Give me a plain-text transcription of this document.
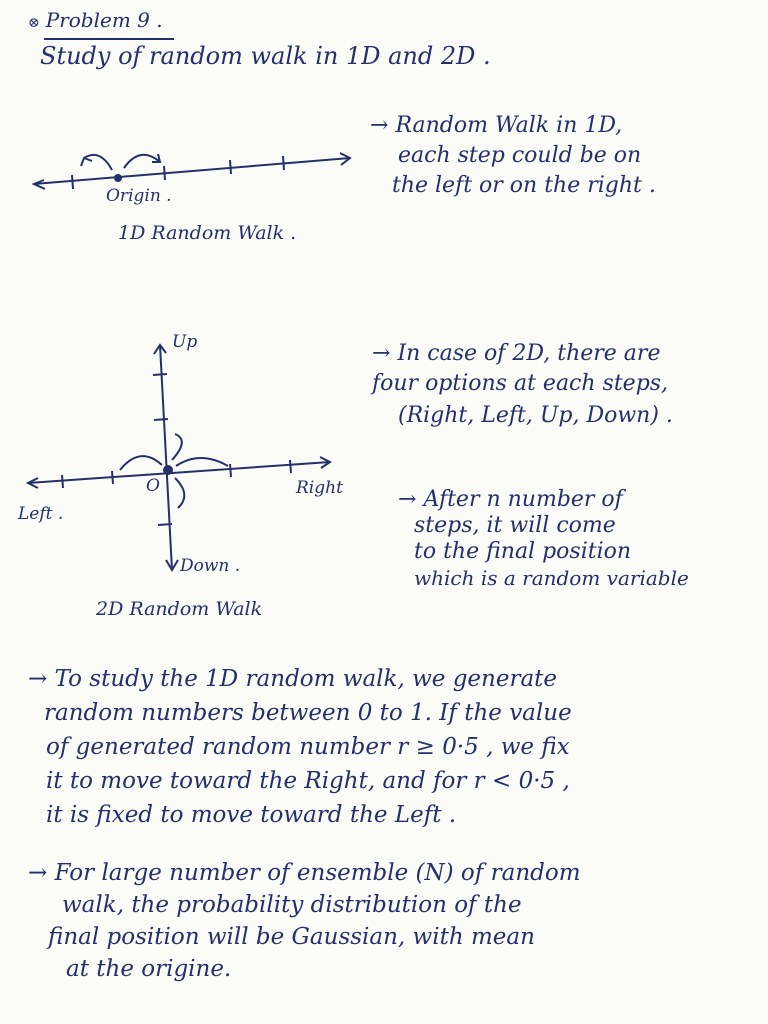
⊗ Problem 9 .
Study of random walk in 1D and 2D .
Origin .
1D Random Walk .
→ Random Walk in 1D,
each step could be on
the left or on the right .
Up
Down .
Left .
Right
O
2D Random Walk
→ In case of 2D, there are
four options at each steps,
(Right, Left, Up, Down) .
→ After n number of
steps, it will come
to the final position
which is a random variable
→ To study the 1D random walk, we generate
random numbers between 0 to 1. If the value
of generated random number r ≥ 0·5 , we fix
it to move toward the Right, and for r < 0·5 ,
it is fixed to move toward the Left .
→ For large number of ensemble (N) of random
walk, the probability distribution of the
final position will be Gaussian, with mean
at the origine.
